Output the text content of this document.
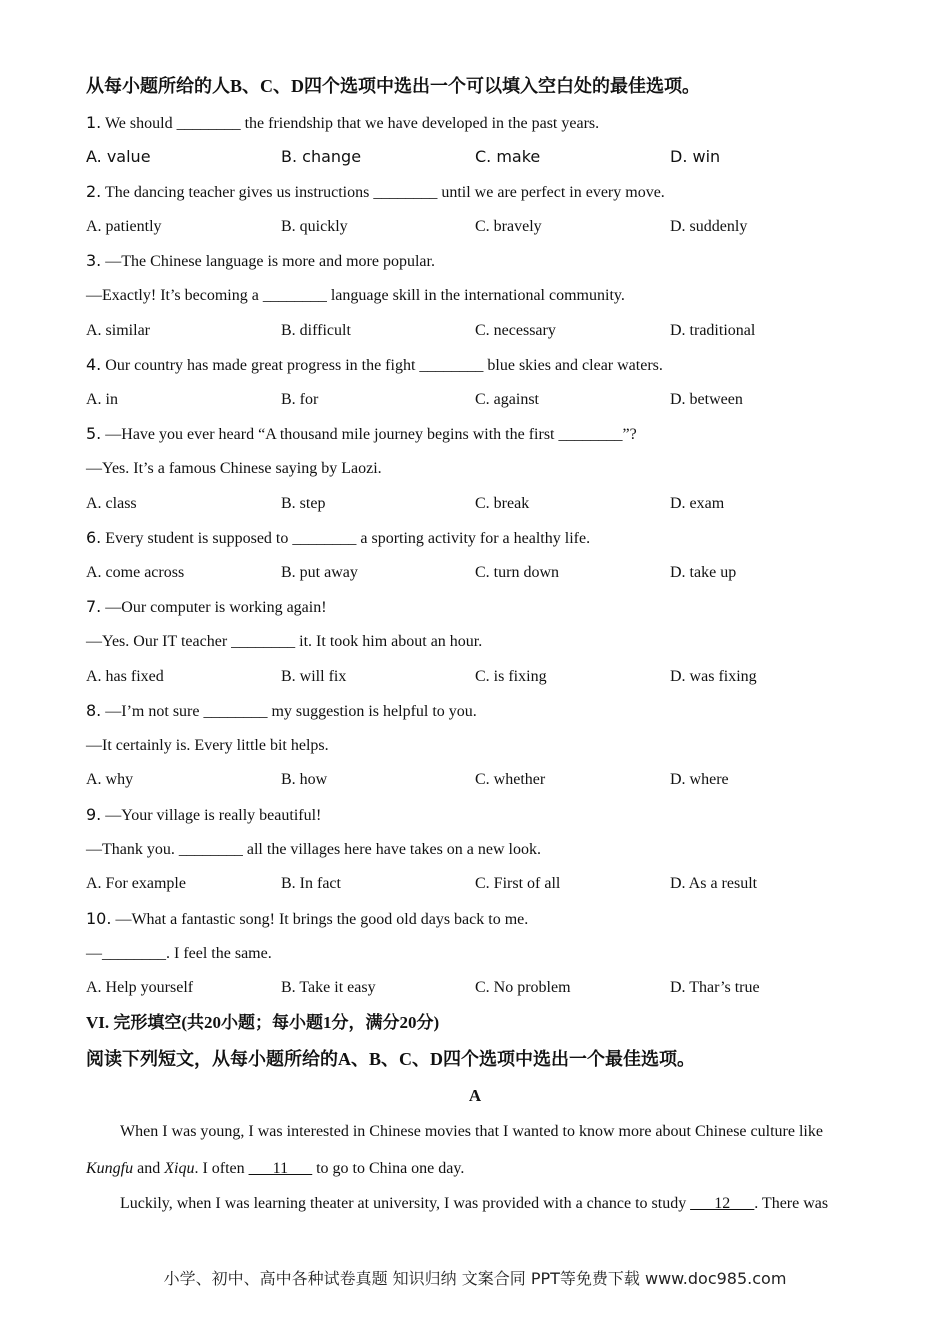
从每小题所给的人B、C、D四个选项中选出一个可以填入空白处的最佳选项。
1. We should ________ the friendship that we have developed in the past years.
A. value	B. change	C. make	D. win
2. The dancing teacher gives us instructions ________ until we are perfect in every move.
A. patiently	B. quickly	C. bravely	D. suddenly
3. —The Chinese language is more and more popular.
—Exactly! It’s becoming a ________ language skill in the international community.
A. similar	B. difficult	C. necessary	D. traditional
4. Our country has made great progress in the fight ________ blue skies and clear waters.
A. in	B. for	C. against	D. between
5. —Have you ever heard “A thousand mile journey begins with the first ________”?
—Yes. It’s a famous Chinese saying by Laozi.
A. class	B. step	C. break	D. exam
6. Every student is supposed to ________ a sporting activity for a healthy life.
A. come across	B. put away	C. turn down	D. take up
7. —Our computer is working again!
—Yes. Our IT teacher ________ it. It took him about an hour.
A. has fixed	B. will fix	C. is fixing	D. was fixing
8. —I’m not sure ________ my suggestion is helpful to you.
—It certainly is. Every little bit helps.
A. why	B. how	C. whether	D. where
9. —Your village is really beautiful!
—Thank you. ________ all the villages here have takes on a new look.
A. For example	B. In fact	C. First of all	D. As a result
10. —What a fantastic song! It brings the good old days back to me.
—________. I feel the same.
A. Help yourself	B. Take it easy	C. No problem	D. Thar’s true
VI. 完形填空(共20小题；每小题1分，满分20分)
阅读下列短文，从每小题所给的A、B、C、D四个选项中选出一个最佳选项。
A
When I was young, I was interested in Chinese movies that I wanted to know more about Chinese culture like
Kungfu and Xiqu. I often ___11___ to go to China one day.
Luckily, when I was learning theater at university, I was provided with a chance to study ___12___. There was
小学、初中、高中各种试卷真题 知识归纳 文案合同 PPT等免费下载 www.doc985.com
